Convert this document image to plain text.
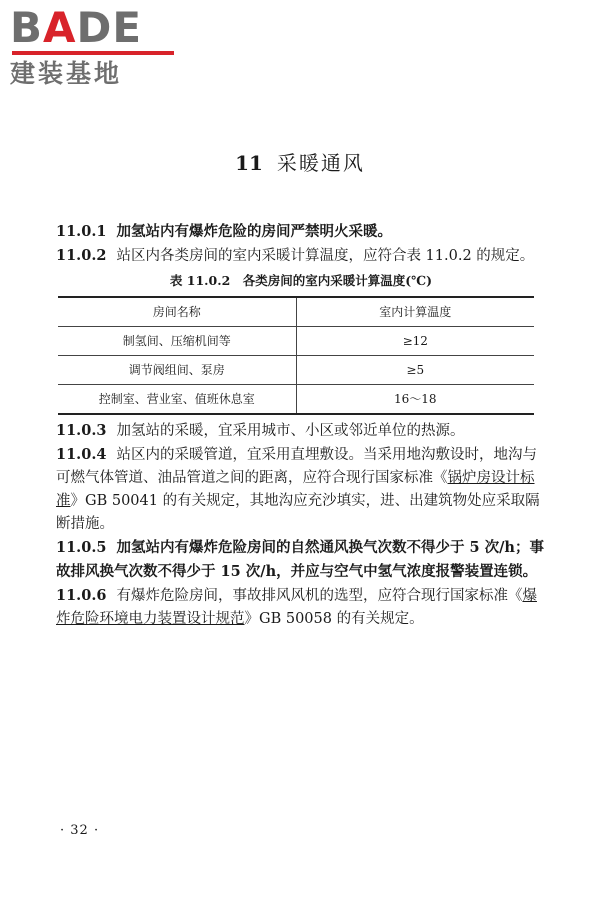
BADE
建装基地
11 采暖通风

11.0.1 加氢站内有爆炸危险的房间严禁明火采暖。

11.0.2 站区内各类房间的室内采暖计算温度，应符合表 11.0.2 的规定。

表 11.0.2　各类房间的室内采暖计算温度(℃)
房间名称	室内计算温度
制氢间、压缩机间等	≥12
调节阀组间、泵房	≥5
控制室、营业室、值班休息室	16～18

11.0.3 加氢站的采暖，宜采用城市、小区或邻近单位的热源。

11.0.4 站区内的采暖管道，宜采用直埋敷设。当采用地沟敷设时，地沟与可燃气体管道、油品管道之间的距离，应符合现行国家标准《锅炉房设计标准》GB 50041 的有关规定，其地沟应充沙填实，进、出建筑物处应采取隔断措施。

11.0.5 加氢站内有爆炸危险房间的自然通风换气次数不得少于 5 次/h；事故排风换气次数不得少于 15 次/h，并应与空气中氢气浓度报警装置连锁。

11.0.6 有爆炸危险房间，事故排风风机的选型，应符合现行国家标准《爆炸危险环境电力装置设计规范》GB 50058 的有关规定。

· 32 ·
